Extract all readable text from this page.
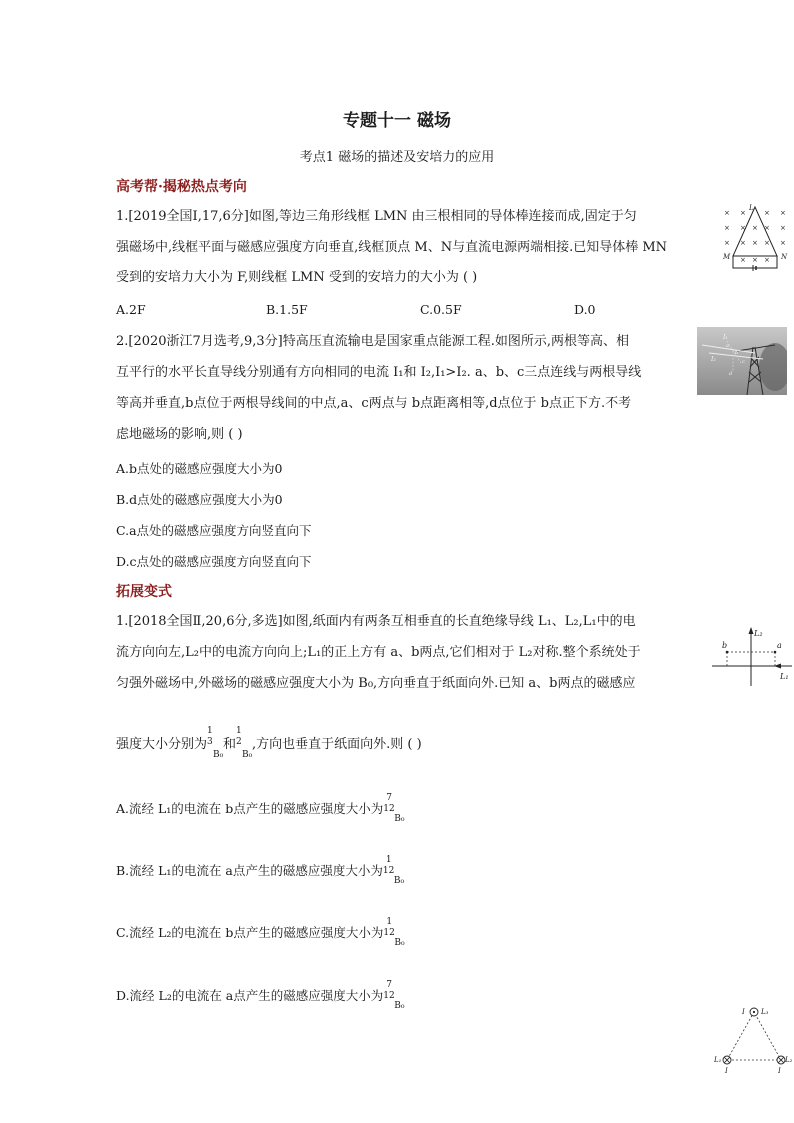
专题十一 磁场
考点1 磁场的描述及安培力的应用
高考帮·揭秘热点考向
1.[2019全国Ⅰ,17,6分]如图,等边三角形线框 LMN 由三根相同的导体棒连接而成,固定于匀
强磁场中,线框平面与磁感应强度方向垂直,线框顶点 M、N与直流电源两端相接.已知导体棒 MN
受到的安培力大小为 F,则线框 LMN 受到的安培力的大小为 ( )
A.2F	B.1.5F	C.0.5F	D.0
× ×	× ×
× × × × ×
× × × × ×
× × ×
L
M	N
2.[2020浙江7月选考,9,3分]特高压直流输电是国家重点能源工程.如图所示,两根等高、相
互平行的水平长直导线分别通有方向相同的电流 I₁和 I₂,I₁>I₂. a、b、c三点连线与两根导线
等高并垂直,b点位于两根导线间的中点,a、c两点与 b点距离相等,d点位于 b点正下方.不考
虑地磁场的影响,则 ( )
A.b点处的磁感应强度大小为0
B.d点处的磁感应强度大小为0
C.a点处的磁感应强度方向竖直向下
D.c点处的磁感应强度方向竖直向下
I₁
I₂
a
b
c
d
拓展变式
1.[2018全国Ⅱ,20,6分,多选]如图,纸面内有两条互相垂直的长直绝缘导线 L₁、L₂,L₁中的电
流方向向左,L₂中的电流方向向上;L₁的正上方有 a、b两点,它们相对于 L₂对称.整个系统处于
匀强外磁场中,外磁场的磁感应强度大小为 B₀,方向垂直于纸面向外.已知 a、b两点的磁感应
强度大小分别为
1
3
B₀
和
1
2
B₀
,方向也垂直于纸面向外.则 ( )
A.流经 L₁的电流在 b点产生的磁感应强度大小为
7
12
B₀
B.流经 L₁的电流在 a点产生的磁感应强度大小为
1
12
B₀
C.流经 L₂的电流在 b点产生的磁感应强度大小为
1
12
B₀
D.流经 L₂的电流在 a点产生的磁感应强度大小为
7
12
B₀
b	a
L₂
L₁
I L₃
L₁
I
L₂
I
